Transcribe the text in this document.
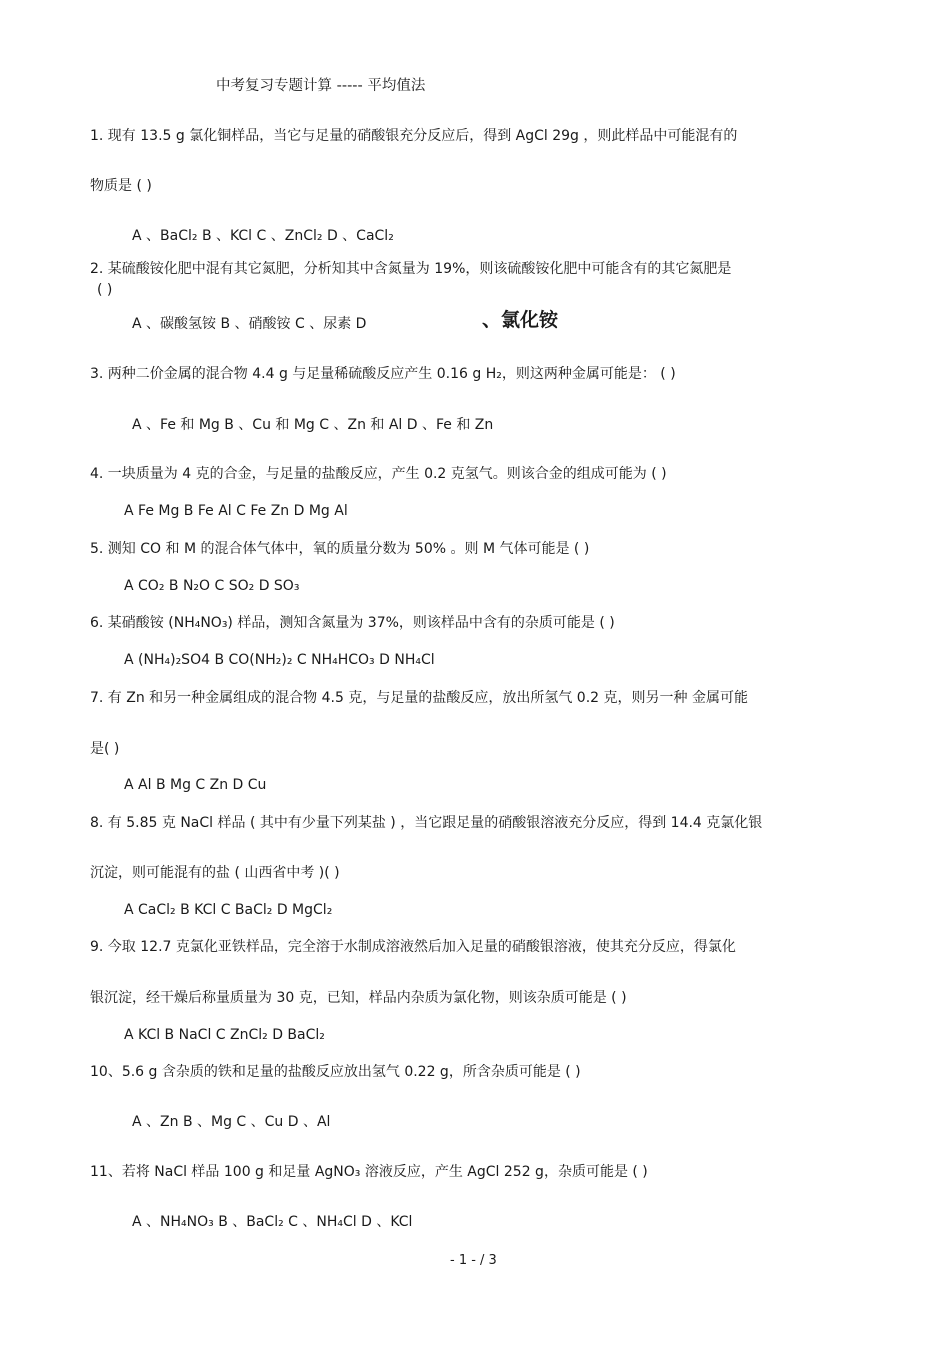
中考复习专题计算 ----- 平均值法
1. 现有 13.5 g 氯化铜样品，当它与足量的硝酸银充分反应后，得到 AgCl 29g ，则此样品中可能混有的
物质是 ( )
A 、BaCl₂ B 、KCl C 、ZnCl₂ D 、CaCl₂
2. 某硫酸铵化肥中混有其它氮肥，分析知其中含氮量为 19%，则该硫酸铵化肥中可能含有的其它氮肥是
( )
A 、碳酸氢铵 B 、硝酸铵 C 、尿素 D	、氯化铵
3. 两种二价金属的混合物 4.4 g 与足量稀硫酸反应产生 0.16 g H₂，则这两种金属可能是： ( )
A 、Fe 和 Mg B 、Cu 和 Mg C 、Zn 和 Al D 、Fe 和 Zn
4. 一块质量为 4 克的合金，与足量的盐酸反应，产生 0.2 克氢气。则该合金的组成可能为 ( )
A Fe Mg B Fe Al C Fe Zn D Mg Al
5. 测知 CO 和 M 的混合体气体中，氧的质量分数为 50% 。则 M 气体可能是 ( )
A CO₂ B N₂O C SO₂ D SO₃
6. 某硝酸铵 (NH₄NO₃) 样品，测知含氮量为 37%，则该样品中含有的杂质可能是 ( )
A (NH₄)₂SO4 B CO(NH₂)₂ C NH₄HCO₃ D NH₄Cl
7. 有 Zn 和另一种金属组成的混合物 4.5 克，与足量的盐酸反应，放出所氢气 0.2 克，则另一种 金属可能
是( )
A Al B Mg C Zn D Cu
8. 有 5.85 克 NaCl 样品 ( 其中有少量下列某盐 ) ，当它跟足量的硝酸银溶液充分反应，得到 14.4 克氯化银
沉淀，则可能混有的盐 ( 山西省中考 )( )
A CaCl₂ B KCl C BaCl₂ D MgCl₂
9. 今取 12.7 克氯化亚铁样品，完全溶于水制成溶液然后加入足量的硝酸银溶液，使其充分反应，得氯化
银沉淀，经干燥后称量质量为 30 克，已知，样品内杂质为氯化物，则该杂质可能是 ( )
A KCl B NaCl C ZnCl₂ D BaCl₂
10、5.6 g 含杂质的铁和足量的盐酸反应放出氢气 0.22 g，所含杂质可能是 ( )
A 、Zn B 、Mg C 、Cu D 、Al
11、若将 NaCl 样品 100 g 和足量 AgNO₃ 溶液反应，产生 AgCl 252 g，杂质可能是 ( )
A 、NH₄NO₃ B 、BaCl₂ C 、NH₄Cl D 、KCl
- 1 - / 3
